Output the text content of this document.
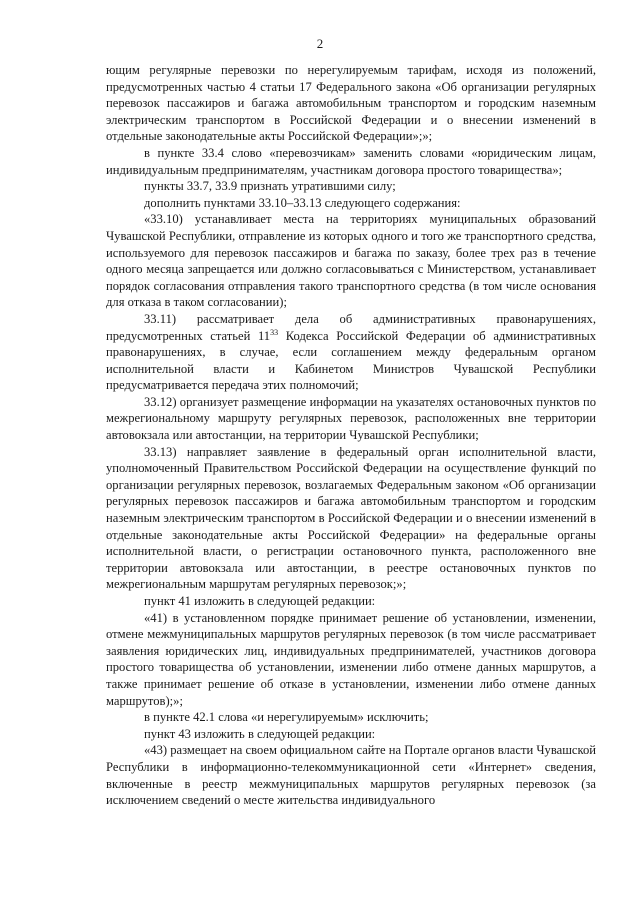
2

ющим регулярные перевозки по нерегулируемым тарифам, исходя из положений, предусмотренных частью 4 статьи 17 Федерального закона «Об организации регулярных перевозок пассажиров и багажа автомобильным транспортом и городским наземным электрическим транспортом в Российской Федерации и о внесении изменений в отдельные законодательные акты Российской Федерации»;»;

в пункте 33.4 слово «перевозчикам» заменить словами «юридическим лицам, индивидуальным предпринимателям, участникам договора простого товарищества»;

пункты 33.7, 33.9 признать утратившими силу;

дополнить пунктами 33.10–33.13 следующего содержания:

«33.10) устанавливает места на территориях муниципальных образований Чувашской Республики, отправление из которых одного и того же транспортного средства, используемого для перевозок пассажиров и багажа по заказу, более трех раз в течение одного месяца запрещается или должно согласовываться с Министерством, устанавливает порядок согласования отправления такого транспортного средства (в том числе основания для отказа в таком согласовании);

33.11) рассматривает дела об административных правонарушениях, предусмотренных статьей $11^{33}$ Кодекса Российской Федерации об административных правонарушениях, в случае, если соглашением между федеральным органом исполнительной власти и Кабинетом Министров Чувашской Республики предусматривается передача этих полномочий;

33.12) организует размещение информации на указателях остановочных пунктов по межрегиональному маршруту регулярных перевозок, расположенных вне территории автовокзала или автостанции, на территории Чувашской Республики;

33.13) направляет заявление в федеральный орган исполнительной власти, уполномоченный Правительством Российской Федерации на осуществление функций по организации регулярных перевозок, возлагаемых Федеральным законом «Об организации регулярных перевозок пассажиров и багажа автомобильным транспортом и городским наземным электрическим транспортом в Российской Федерации и о внесении изменений в отдельные законодательные акты Российской Федерации» на федеральные органы исполнительной власти, о регистрации остановочного пункта, расположенного вне территории автовокзала или автостанции, в реестре остановочных пунктов по межрегиональным маршрутам регулярных перевозок;»;

пункт 41 изложить в следующей редакции:

«41) в установленном порядке принимает решение об установлении, изменении, отмене межмуниципальных маршрутов регулярных перевозок (в том числе рассматривает заявления юридических лиц, индивидуальных предпринимателей, участников договора простого товарищества об установлении, изменении либо отмене данных маршрутов, а также принимает решение об отказе в установлении, изменении либо отмене данных маршрутов);»;

в пункте 42.1 слова «и нерегулируемым» исключить;

пункт 43 изложить в следующей редакции:

«43) размещает на своем официальном сайте на Портале органов власти Чувашской Республики в информационно-телекоммуникационной сети «Интернет» сведения, включенные в реестр межмуниципальных маршрутов регулярных перевозок (за исключением сведений о месте жительства индивидуального
